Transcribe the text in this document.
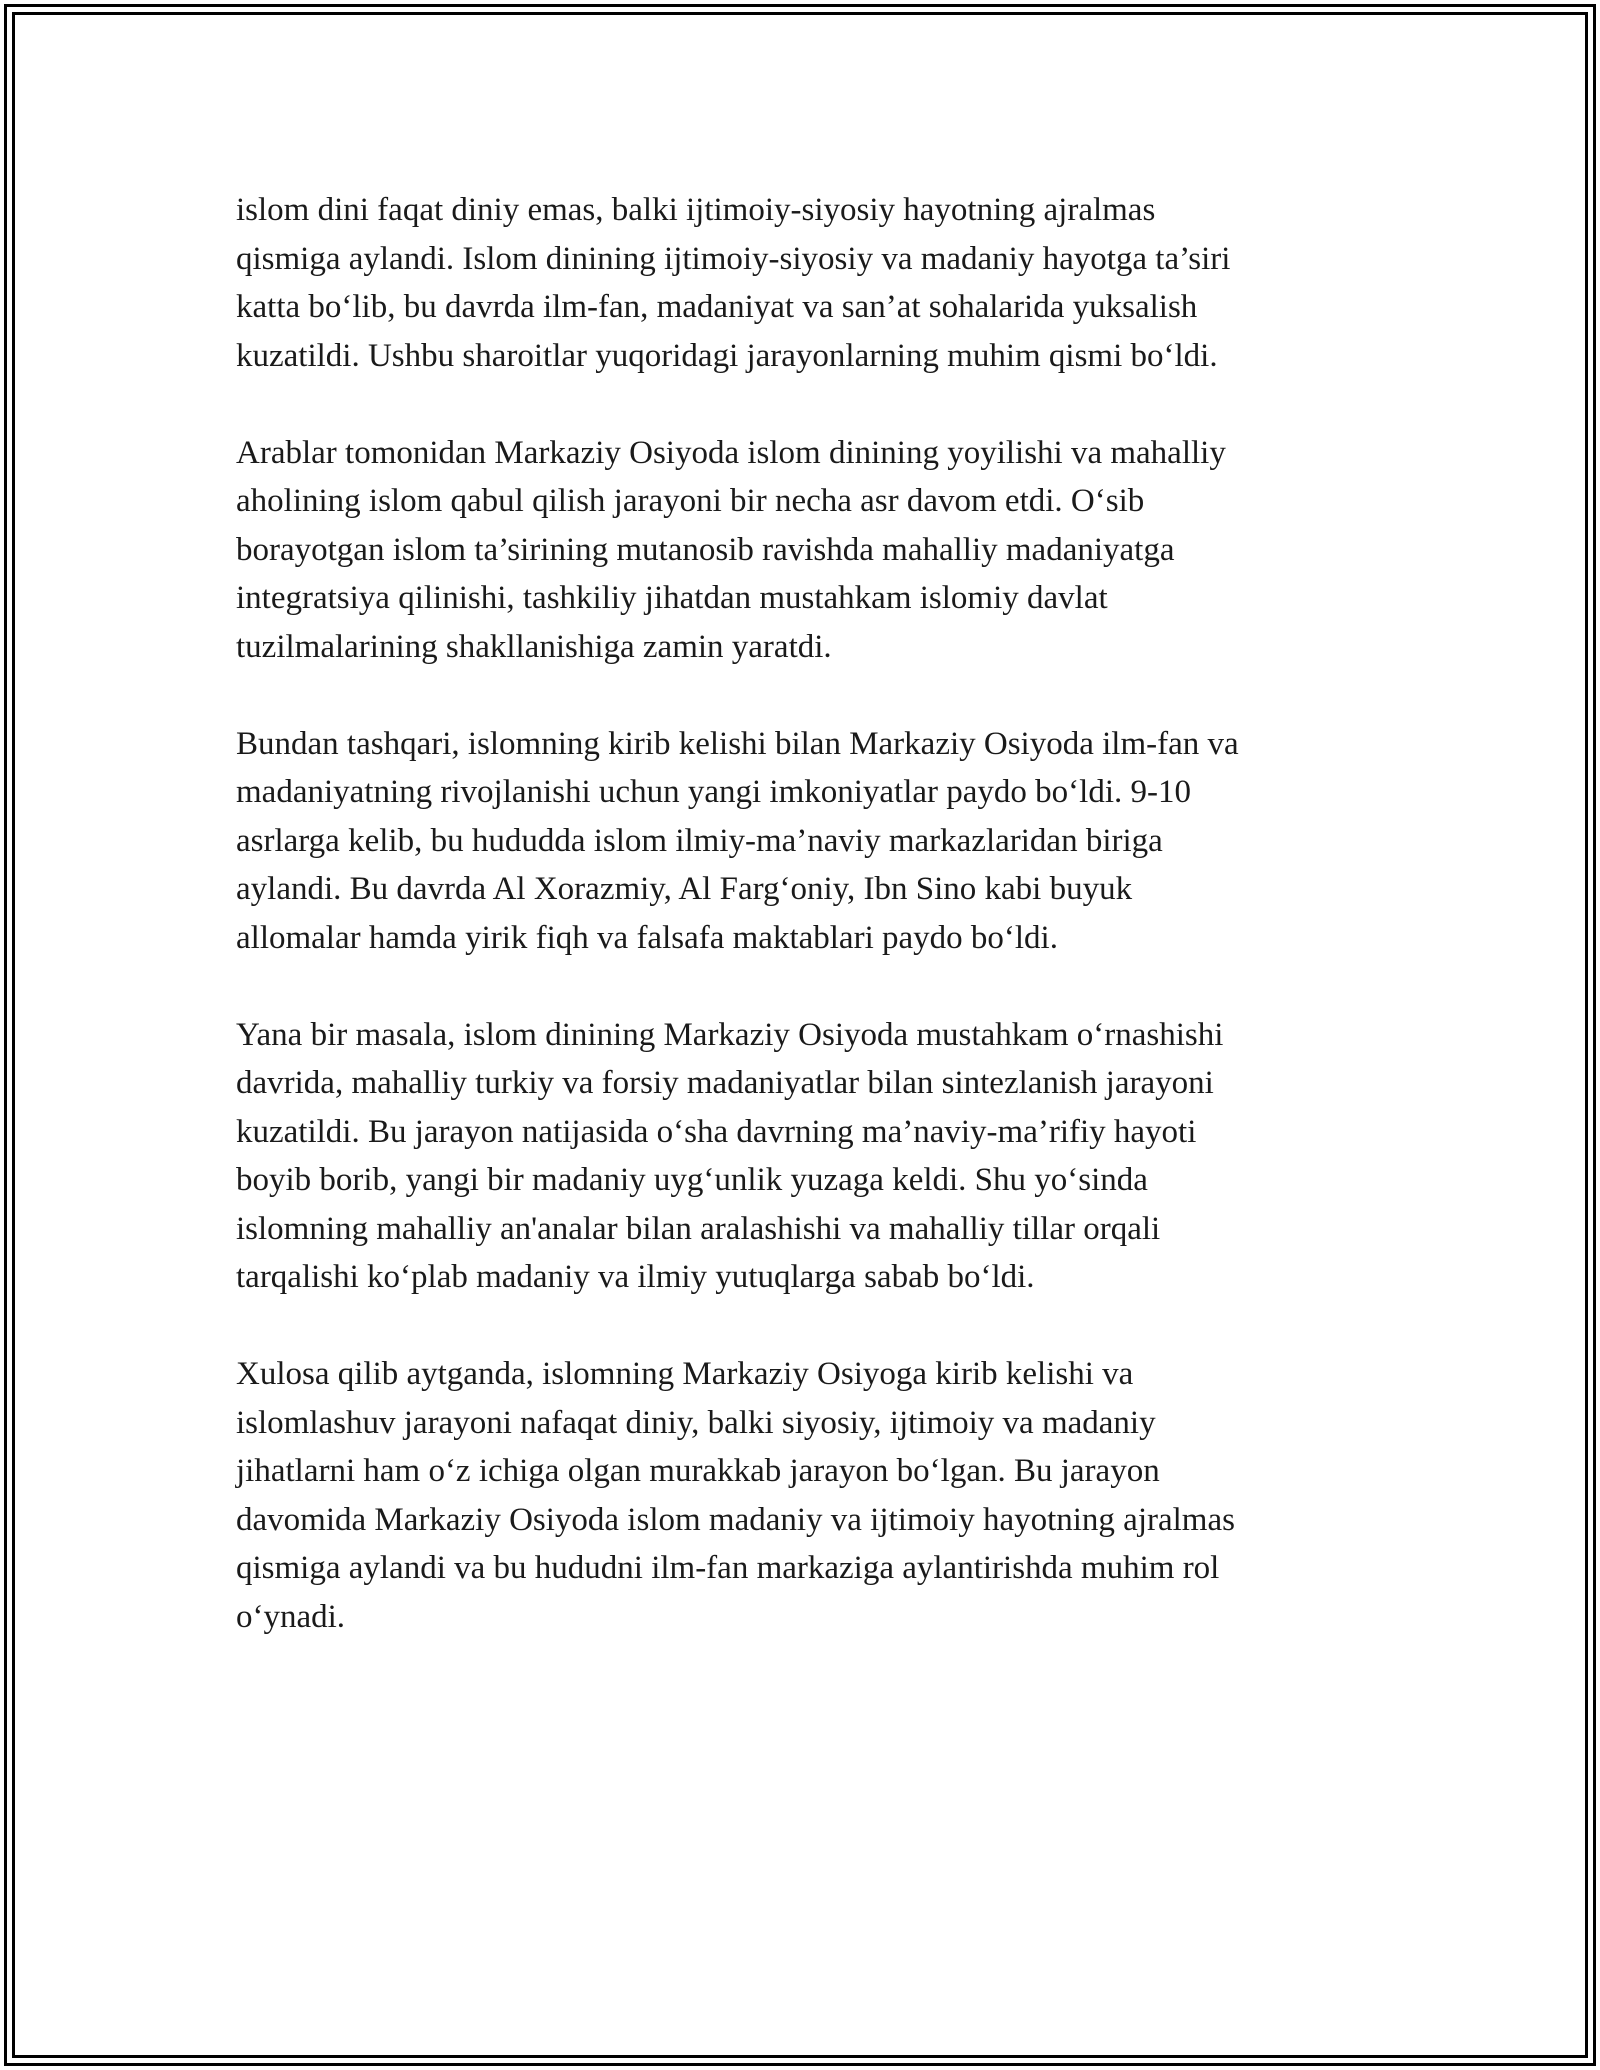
islom dini faqat diniy emas, balki ijtimoiy-siyosiy hayotning ajralmas
qismiga aylandi. Islom dinining ijtimoiy-siyosiy va madaniy hayotga ta’siri
katta bo‘lib, bu davrda ilm-fan, madaniyat va san’at sohalarida yuksalish
kuzatildi. Ushbu sharoitlar yuqoridagi jarayonlarning muhim qismi bo‘ldi.

Arablar tomonidan Markaziy Osiyoda islom dinining yoyilishi va mahalliy
aholining islom qabul qilish jarayoni bir necha asr davom etdi. O‘sib
borayotgan islom ta’sirining mutanosib ravishda mahalliy madaniyatga
integratsiya qilinishi, tashkiliy jihatdan mustahkam islomiy davlat
tuzilmalarining shakllanishiga zamin yaratdi.

Bundan tashqari, islomning kirib kelishi bilan Markaziy Osiyoda ilm-fan va
madaniyatning rivojlanishi uchun yangi imkoniyatlar paydo bo‘ldi. 9-10
asrlarga kelib, bu hududda islom ilmiy-ma’naviy markazlaridan biriga
aylandi. Bu davrda Al Xorazmiy, Al Farg‘oniy, Ibn Sino kabi buyuk
allomalar hamda yirik fiqh va falsafa maktablari paydo bo‘ldi.

Yana bir masala, islom dinining Markaziy Osiyoda mustahkam o‘rnashishi
davrida, mahalliy turkiy va forsiy madaniyatlar bilan sintezlanish jarayoni
kuzatildi. Bu jarayon natijasida o‘sha davrning ma’naviy-ma’rifiy hayoti
boyib borib, yangi bir madaniy uyg‘unlik yuzaga keldi. Shu yo‘sinda
islomning mahalliy an'analar bilan aralashishi va mahalliy tillar orqali
tarqalishi ko‘plab madaniy va ilmiy yutuqlarga sabab bo‘ldi.

Xulosa qilib aytganda, islomning Markaziy Osiyoga kirib kelishi va
islomlashuv jarayoni nafaqat diniy, balki siyosiy, ijtimoiy va madaniy
jihatlarni ham o‘z ichiga olgan murakkab jarayon bo‘lgan. Bu jarayon
davomida Markaziy Osiyoda islom madaniy va ijtimoiy hayotning ajralmas
qismiga aylandi va bu hududni ilm-fan markaziga aylantirishda muhim rol
o‘ynadi.
